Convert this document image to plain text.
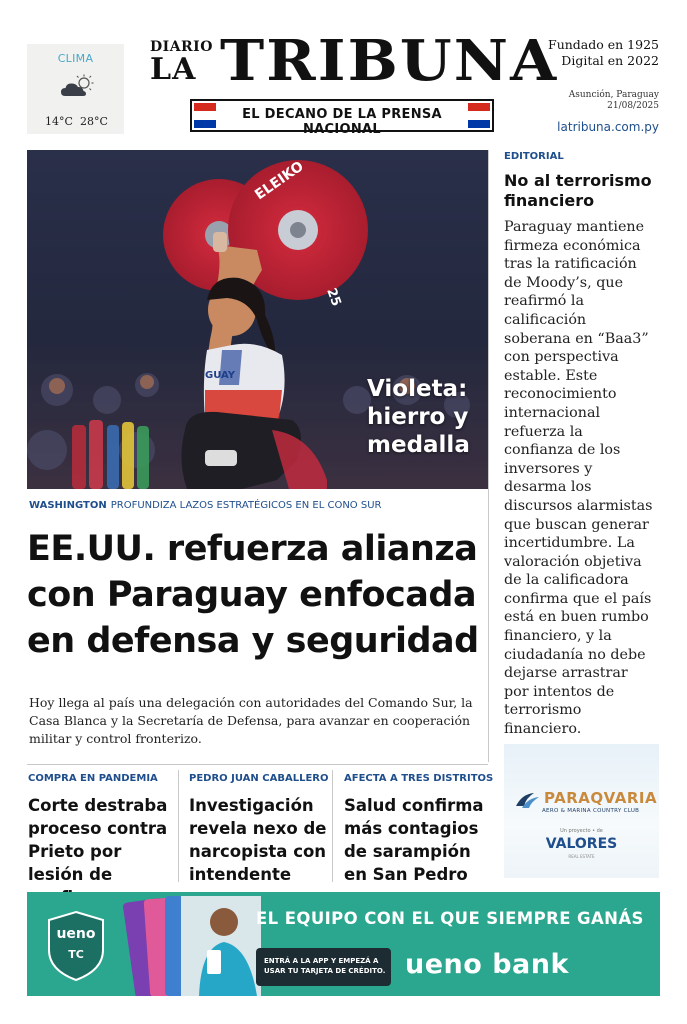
CLIMA
14°C 28°C
DIARIO
LA TRIBUNA
EL DECANO DE LA PRENSA NACIONAL
Fundado en 1925
Digital en 2022
Asunción, Paraguay
21/08/2025
latribuna.com.py
ELEIKO
25
GUAY
Violeta: hierro y medalla
WASHINGTON PROFUNDIZA LAZOS ESTRATÉGICOS EN EL CONO SUR
EE.UU. refuerza alianza con Paraguay enfocada en defensa y seguridad
Hoy llega al país una delegación con autoridades del Comando Sur, la Casa Blanca y la Secretaría de Defensa, para avanzar en cooperación militar y control fronterizo.
COMPRA EN PANDEMIA
Corte destraba proceso contra Prieto por lesión de
PEDRO JUAN CABALLERO
Investigación revela nexo de narcopista con intendente
AFECTA A TRES DISTRITOS
Salud confirma más contagios de sarampión en San Pedro
EDITORIAL
No al terrorismo financiero
Paraguay mantiene firmeza económica tras la ratificación de Moody’s, que reafirmó la calificación soberana en “Baa3” con perspectiva estable. Este reconocimiento internacional refuerza la confianza de los inversores y desarma los discursos alarmistas que buscan generar incertidumbre. La valoración objetiva de la calificadora confirma que el país está en buen rumbo financiero, y la ciudadanía no debe dejarse arrastrar por intentos de terrorismo financiero.
PARAQVARIA
AERO & MARINA COUNTRY CLUB
Un proyecto • de
VALORES
REAL ESTATE
ueno
TC
EL EQUIPO CON EL QUE SIEMPRE GANÁS
ENTRÁ A LA APP Y EMPEZÁ A USAR TU TARJETA DE CRÉDITO. ueno bank
